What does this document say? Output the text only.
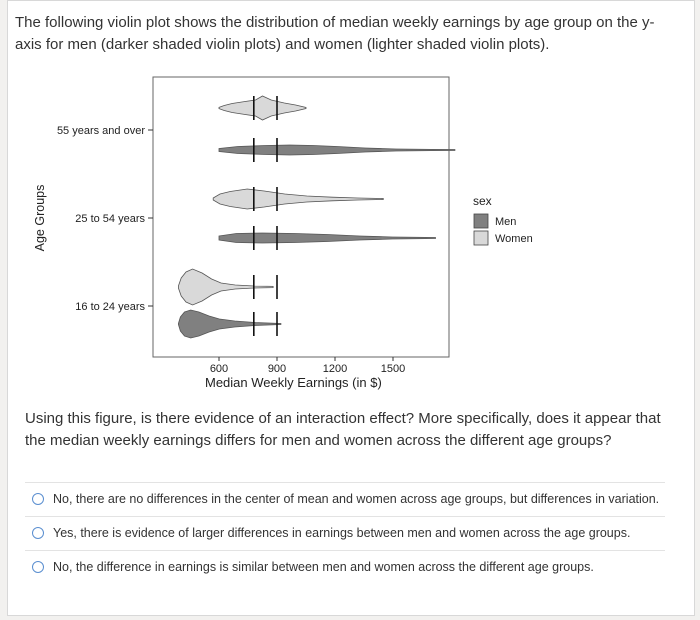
The following violin plot shows the distribution of median weekly earnings by age group on the y-axis for men (darker shaded violin plots) and women (lighter shaded violin plots).
55 years and over
25 to 54 years
16 to 24 years
Age Groups
600	900	1200	1500
Median Weekly Earnings (in $)
sex
Men
Women
Using this figure, is there evidence of an interaction effect? More specifically, does it appear that the median weekly earnings differs for men and women across the different age groups?
No, there are no differences in the center of mean and women across age groups, but differences in variation.
Yes, there is evidence of larger differences in earnings between men and women across the age groups.
No, the difference in earnings is similar between men and women across the different age groups.
